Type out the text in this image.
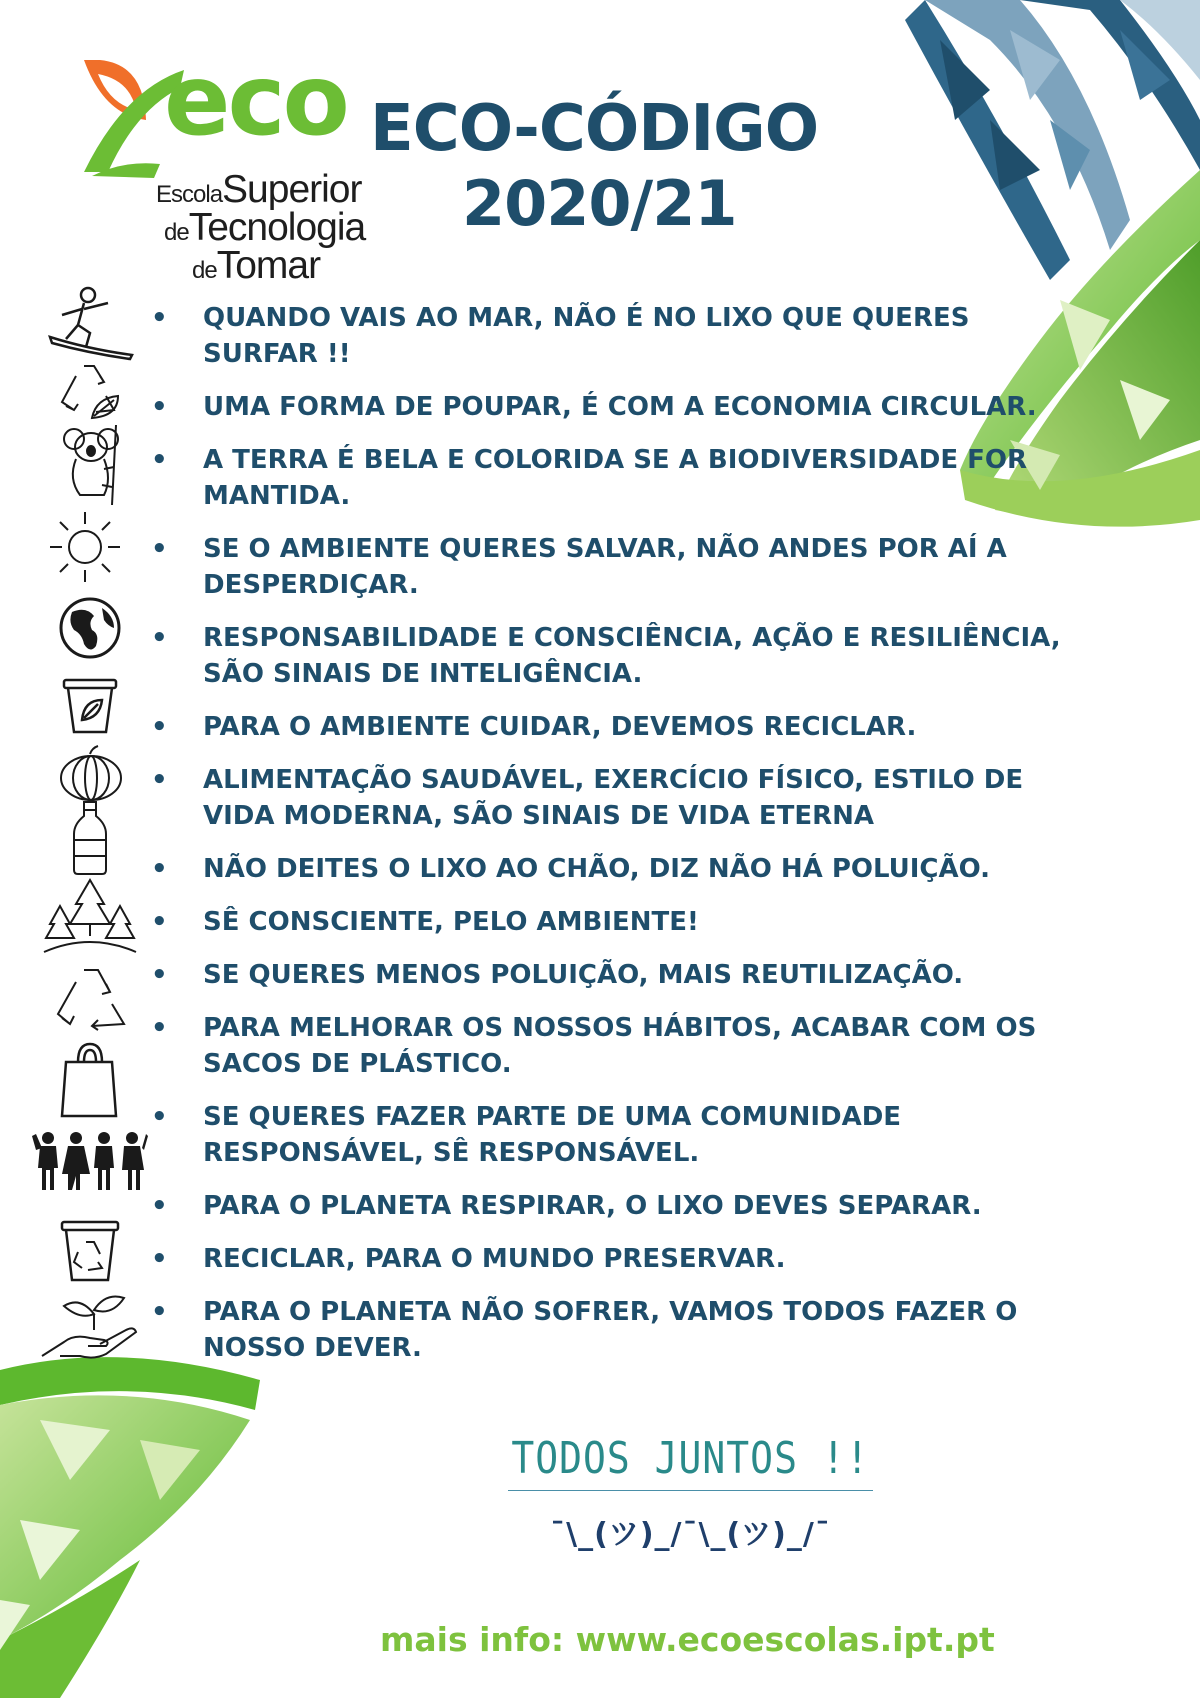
eco
EscolaSuperior
deTecnologia
deTomar
ECO-CÓDIGO
2020/21
• QUANDO VAIS AO MAR, NÃO É NO LIXO QUE QUERES SURFAR !!
• UMA FORMA DE POUPAR, É COM A ECONOMIA CIRCULAR.
• A TERRA É BELA E COLORIDA SE A BIODIVERSIDADE FOR MANTIDA.
• SE O AMBIENTE QUERES SALVAR, NÃO ANDES POR AÍ A DESPERDIÇAR.
• RESPONSABILIDADE E CONSCIÊNCIA, AÇÃO E RESILIÊNCIA, SÃO SINAIS DE INTELIGÊNCIA.
• PARA O AMBIENTE CUIDAR, DEVEMOS RECICLAR.
• ALIMENTAÇÃO SAUDÁVEL, EXERCÍCIO FÍSICO, ESTILO DE VIDA MODERNA, SÃO SINAIS DE VIDA ETERNA
• NÃO DEITES O LIXO AO CHÃO, DIZ NÃO HÁ POLUIÇÃO.
• SÊ CONSCIENTE, PELO AMBIENTE!
• SE QUERES MENOS POLUIÇÃO, MAIS REUTILIZAÇÃO.
• PARA MELHORAR OS NOSSOS HÁBITOS, ACABAR COM OS SACOS DE PLÁSTICO.
• SE QUERES FAZER PARTE DE UMA COMUNIDADE RESPONSÁVEL, SÊ RESPONSÁVEL.
• PARA O PLANETA RESPIRAR, O LIXO DEVES SEPARAR.
• RECICLAR, PARA O MUNDO PRESERVAR.
• PARA O PLANETA NÃO SOFRER, VAMOS TODOS FAZER O NOSSO DEVER.
TODOS JUNTOS !!
¯\_(ツ)_/¯\_(ツ)_/¯
mais info: www.ecoescolas.ipt.pt
